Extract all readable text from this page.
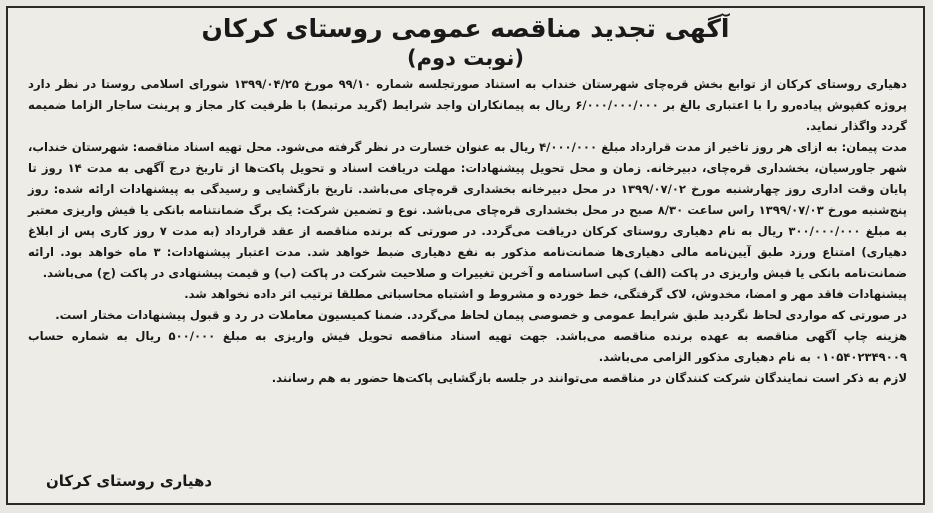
آگهی تجدید مناقصه عمومی روستای کرکان
(نوبت دوم)

دهیاری روستای کرکان از توابع بخش قره‌چای شهرستان خنداب به استناد صورتجلسه شماره ۹۹/۱۰ مورخ ۱۳۹۹/۰۴/۲۵ شورای اسلامی روستا در نظر دارد پروژه کفپوش پیاده‌رو را با اعتباری بالغ بر ۶/۰۰۰/۰۰۰/۰۰۰ ریال به پیمانکاران واجد شرایط (گرید مرتبط) با ظرفیت کار مجاز و پرینت ساجار الزاما ضمیمه گردد واگذار نماید.

مدت پیمان: به ازای هر روز تاخیر از مدت قرارداد مبلغ ۴/۰۰۰/۰۰۰ ریال به عنوان خسارت در نظر گرفته می‌شود. محل تهیه اسناد مناقصه: شهرستان خنداب، شهر جاورسیان، بخشداری قره‌چای، دبیرخانه. زمان و محل تحویل پیشنهادات: مهلت دریافت اسناد و تحویل پاکت‌ها از تاریخ درج آگهی به مدت ۱۴ روز تا پایان وقت اداری روز چهارشنبه مورخ ۱۳۹۹/۰۷/۰۲ در محل دبیرخانه بخشداری قره‌چای می‌باشد. تاریخ بازگشایی و رسیدگی به پیشنهادات ارائه شده: روز پنج‌شنبه مورخ ۱۳۹۹/۰۷/۰۳ راس ساعت ۸/۳۰ صبح در محل بخشداری قره‌چای می‌باشد. نوع و تضمین شرکت: یک برگ ضمانتنامه بانکی یا فیش واریزی معتبر به مبلغ ۳۰۰/۰۰۰/۰۰۰ ریال به نام دهیاری روستای کرکان دریافت می‌گردد. در صورتی که برنده مناقصه از عقد قرارداد (به مدت ۷ روز کاری پس از ابلاغ دهیاری) امتناع ورزد طبق آیین‌نامه مالی دهیاری‌ها ضمانت‌نامه مذکور به نفع دهیاری ضبط خواهد شد. مدت اعتبار پیشنهادات: ۳ ماه خواهد بود. ارائه ضمانت‌نامه بانکی یا فیش واریزی در پاکت (الف) کپی اساسنامه و آخرین تغییرات و صلاحیت شرکت در پاکت (ب) و قیمت پیشنهادی در پاکت (ج) می‌باشد.

پیشنهادات فاقد مهر و امضا، مخدوش، لاک گرفتگی، خط خورده و مشروط و اشتباه محاسباتی مطلقا ترتیب اثر داده نخواهد شد.

در صورتی که مواردی لحاظ نگردید طبق شرایط عمومی و خصوصی پیمان لحاظ می‌گردد. ضمنا کمیسیون معاملات در رد و قبول پیشنهادات مختار است.

هزینه چاپ آگهی مناقصه به عهده برنده مناقصه می‌باشد. جهت تهیه اسناد مناقصه تحویل فیش واریزی به مبلغ ۵۰۰/۰۰۰ ریال به شماره حساب ۰۱۰۵۴۰۲۳۴۹۰۰۹ به نام دهیاری مذکور الزامی می‌باشد.

لازم به ذکر است نمایندگان شرکت کنندگان در مناقصه می‌توانند در جلسه بازگشایی پاکت‌ها حضور به هم رسانند.

دهیاری روستای کرکان
